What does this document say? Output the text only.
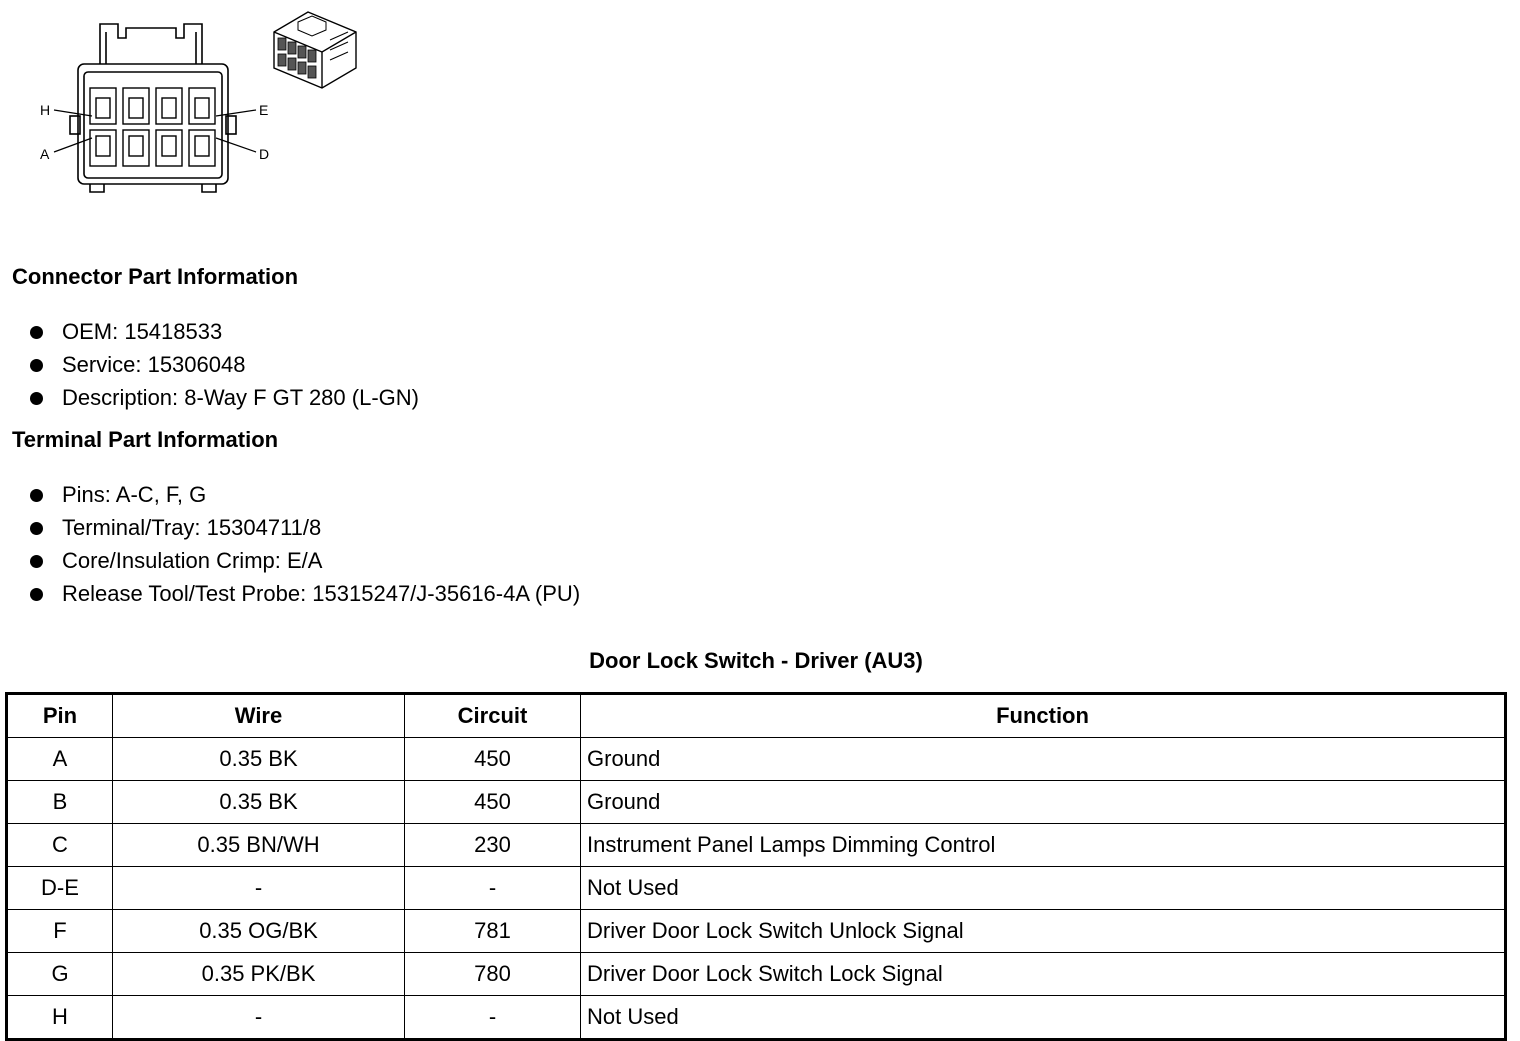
H	E
A	D
Connector Part Information
OEM: 15418533
Service: 15306048
Description: 8-Way F GT 280 (L-GN)
Terminal Part Information
Pins: A-C, F, G
Terminal/Tray: 15304711/8
Core/Insulation Crimp: E/A
Release Tool/Test Probe: 15315247/J-35616-4A (PU)
Door Lock Switch - Driver (AU3)
Pin	Wire	Circuit	Function
A	0.35 BK	450	Ground
B	0.35 BK	450	Ground
C	0.35 BN/WH	230	Instrument Panel Lamps Dimming Control
D-E	-	-	Not Used
F	0.35 OG/BK	781	Driver Door Lock Switch Unlock Signal
G	0.35 PK/BK	780	Driver Door Lock Switch Lock Signal
H	-	-	Not Used
